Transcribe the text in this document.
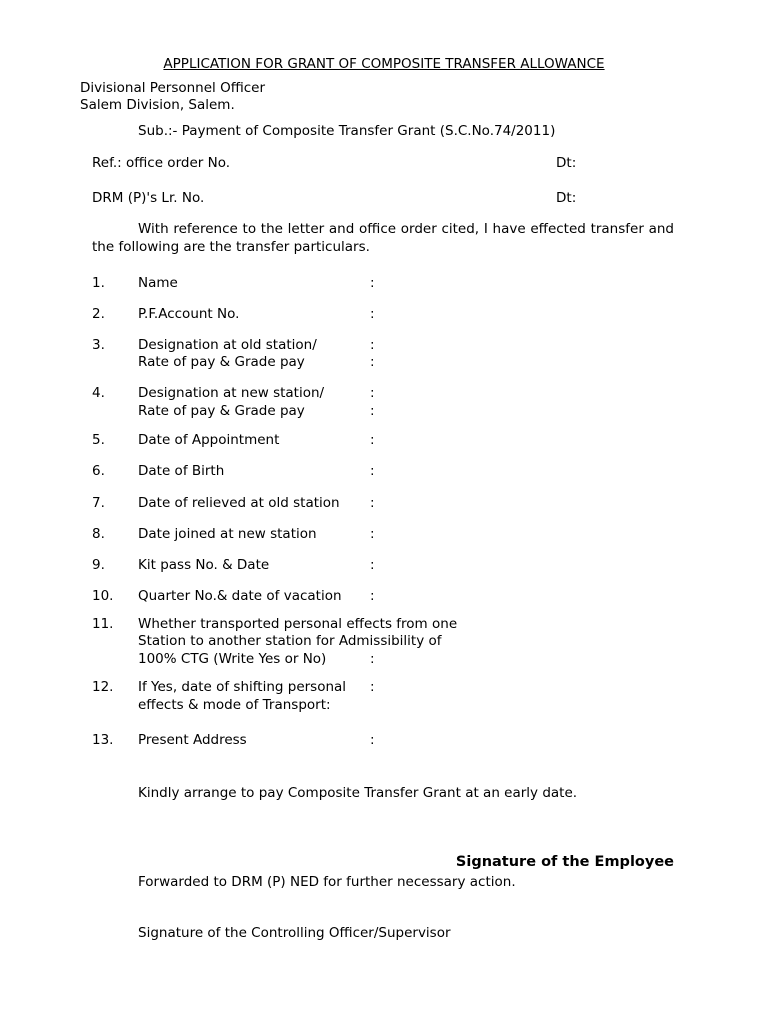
APPLICATION FOR GRANT OF COMPOSITE TRANSFER ALLOWANCE
Divisional Personnel Officer
Salem Division, Salem.
Sub.:- Payment of Composite Transfer Grant (S.C.No.74/2011)
Ref.: office order No.	Dt:
DRM (P)'s Lr. No.	Dt:
With reference to the letter and office order cited, I have effected transfer and the following are the transfer particulars.
1. Name	:
2. P.F.Account No.	:
3. Designation at old station/	:
Rate of pay & Grade pay	:
4. Designation at new station/	:
Rate of pay & Grade pay	:
5. Date of Appointment	:
6. Date of Birth	:
7. Date of relieved at old station :
8. Date joined at new station	:
9. Kit pass No. & Date	:
10. Quarter No.& date of vacation :
11. Whether transported personal effects from one
Station to another station for Admissibility of
100% CTG (Write Yes or No)	:
12. If Yes, date of shifting personal :
effects & mode of Transport:
13. Present Address	:
Kindly arrange to pay Composite Transfer Grant at an early date.
Signature of the Employee
Forwarded to DRM (P) NED for further necessary action.
Signature of the Controlling Officer/Supervisor
